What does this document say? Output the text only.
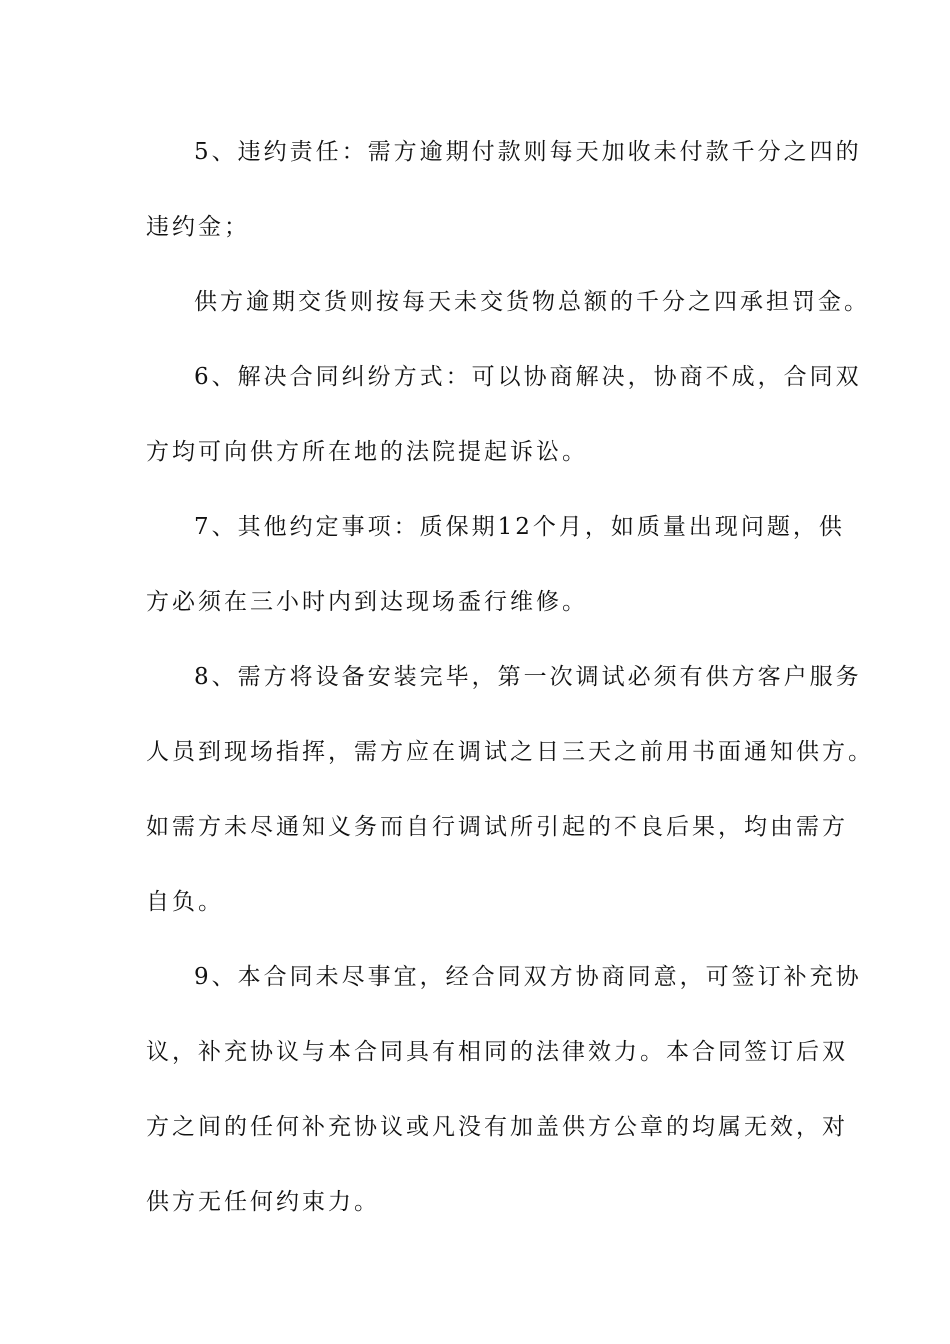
5、违约责任：需方逾期付款则每天加收未付款千分之四的
违约金；
供方逾期交货则按每天未交货物总额的千分之四承担罚金。
6、解决合同纠纷方式：可以协商解决，协商不成，合同双
方均可向供方所在地的法院提起诉讼。
7、其他约定事项：质保期12个月，如质量出现问题，供
方必须在三小时内到达现场盉行维修。
8、需方将设备安装完毕，第一次调试必须有供方客户服务
人员到现场指挥，需方应在调试之日三天之前用书面通知供方。
如需方未尽通知义务而自行调试所引起的不良后果，均由需方
自负。
9、本合同未尽事宜，经合同双方协商同意，可签订补充协
议，补充协议与本合同具有相同的法律效力。本合同签订后双
方之间的任何补充协议或凡没有加盖供方公章的均属无效，对
供方无任何约束力。
